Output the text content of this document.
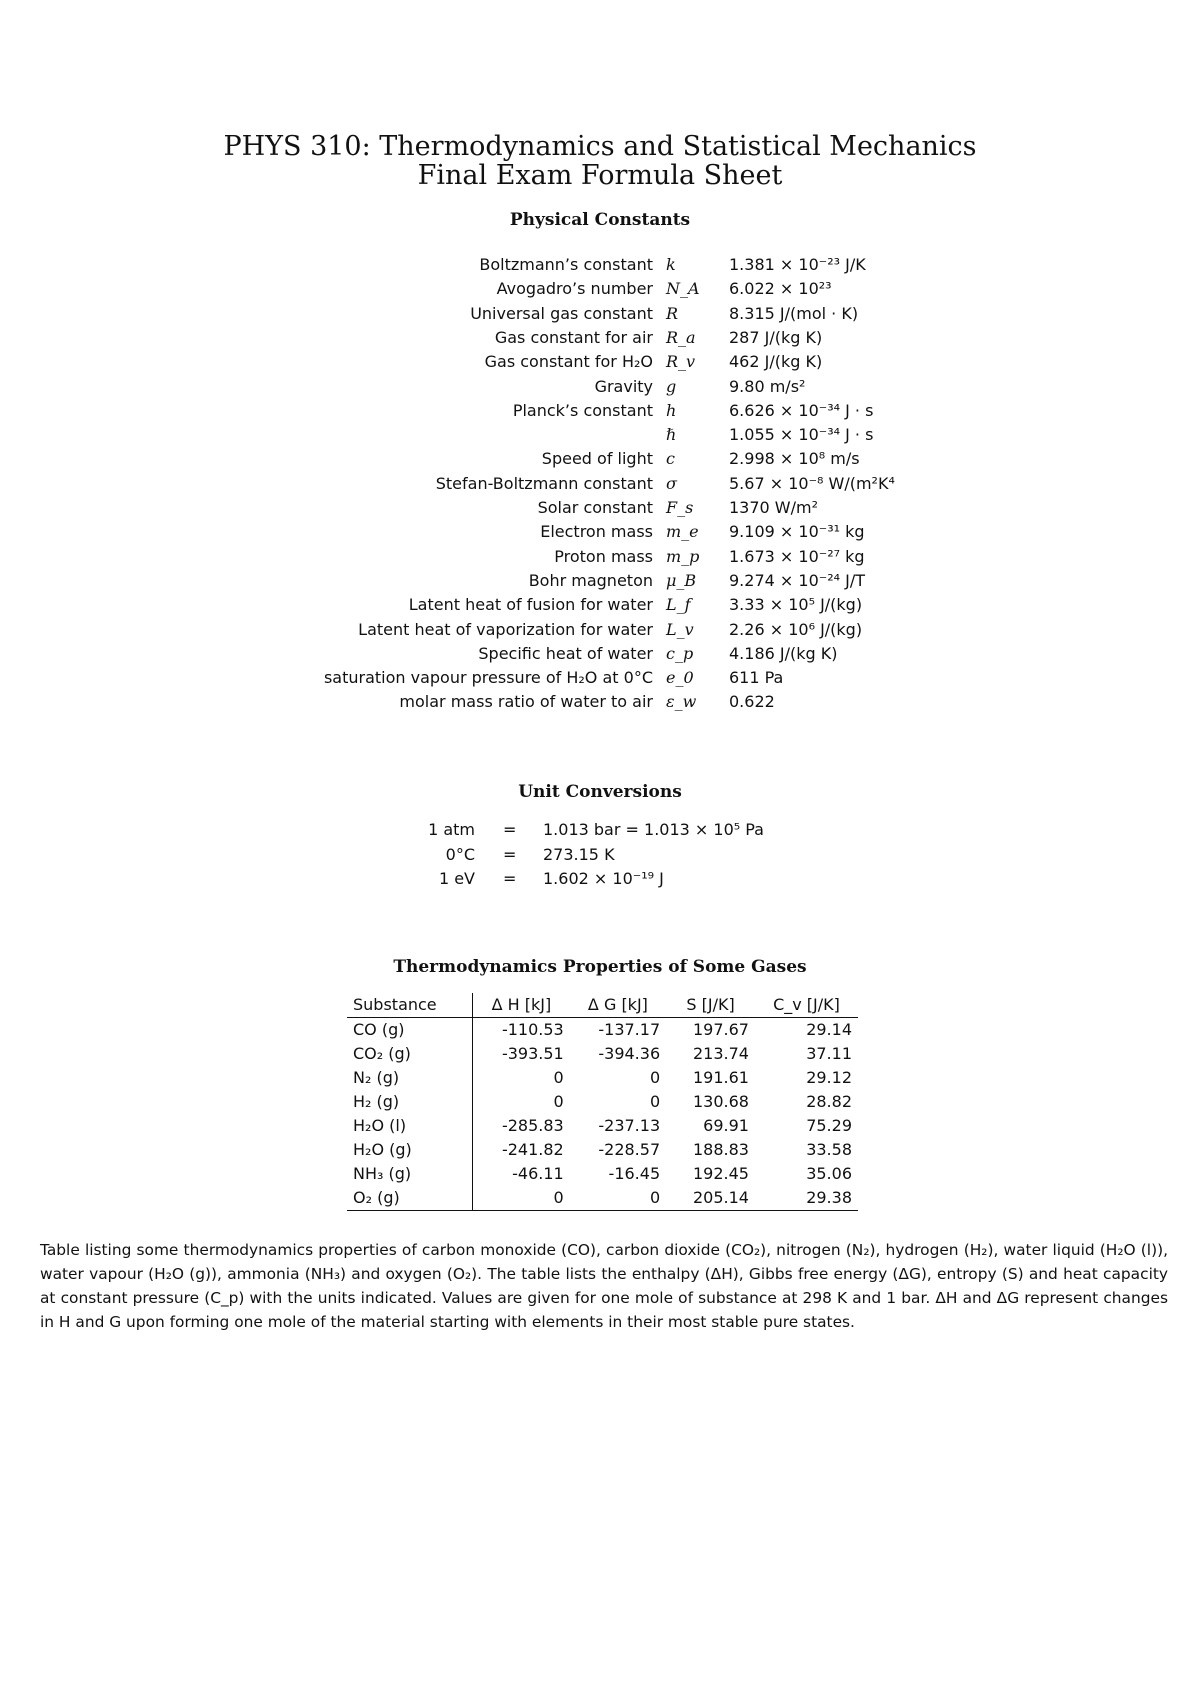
PHYS 310: Thermodynamics and Statistical Mechanics
Final Exam Formula Sheet
Physical Constants
Boltzmann’s constant k	1.381 × 10⁻²³ J/K
Avogadro’s number N_A	6.022 × 10²³
Universal gas constant R	8.315 J/(mol · K)
Gas constant for air R_a	287 J/(kg K)
Gas constant for H₂O R_v	462 J/(kg K)
Gravity g	9.80 m/s²
Planck’s constant h	6.626 × 10⁻³⁴ J · s
ℏ	1.055 × 10⁻³⁴ J · s
Speed of light c	2.998 × 10⁸ m/s
Stefan-Boltzmann constant σ	5.67 × 10⁻⁸ W/(m²K⁴
Solar constant F_s	1370 W/m²
Electron mass m_e	9.109 × 10⁻³¹ kg
Proton mass m_p	1.673 × 10⁻²⁷ kg
Bohr magneton μ_B	9.274 × 10⁻²⁴ J/T
Latent heat of fusion for water L_f	3.33 × 10⁵ J/(kg)
Latent heat of vaporization for water L_v	2.26 × 10⁶ J/(kg)
Specific heat of water c_p	4.186 J/(kg K)
saturation vapour pressure of H₂O at 0°C e_0	611 Pa
molar mass ratio of water to air ε_w	0.622
Unit Conversions
1 atm = 1.013 bar = 1.013 × 10⁵ Pa
0°C = 273.15 K
1 eV = 1.602 × 10⁻¹⁹ J
Thermodynamics Properties of Some Gases
Substance	Δ H [kJ]	Δ G [kJ]	S [J/K]	C_v [J/K]
CO (g)	-110.53	-137.17	197.67	29.14
CO₂ (g)	-393.51	-394.36	213.74	37.11
N₂ (g)	0	0	191.61	29.12
H₂ (g)	0	0	130.68	28.82
H₂O (l)	-285.83	-237.13	69.91	75.29
H₂O (g)	-241.82	-228.57	188.83	33.58
NH₃ (g)	-46.11	-16.45	192.45	35.06
O₂ (g)	0	0	205.14	29.38
Table listing some thermodynamics properties of carbon monoxide (CO), carbon dioxide (CO₂), nitrogen (N₂), hydrogen (H₂), water liquid (H₂O (l)), water vapour (H₂O (g)), ammonia (NH₃) and oxygen (O₂). The table lists the enthalpy (ΔH), Gibbs free energy (ΔG), entropy (S) and heat capacity at constant pressure (C_p) with the units indicated. Values are given for one mole of substance at 298 K and 1 bar. ΔH and ΔG represent changes in H and G upon forming one mole of the material starting with elements in their most stable pure states.
